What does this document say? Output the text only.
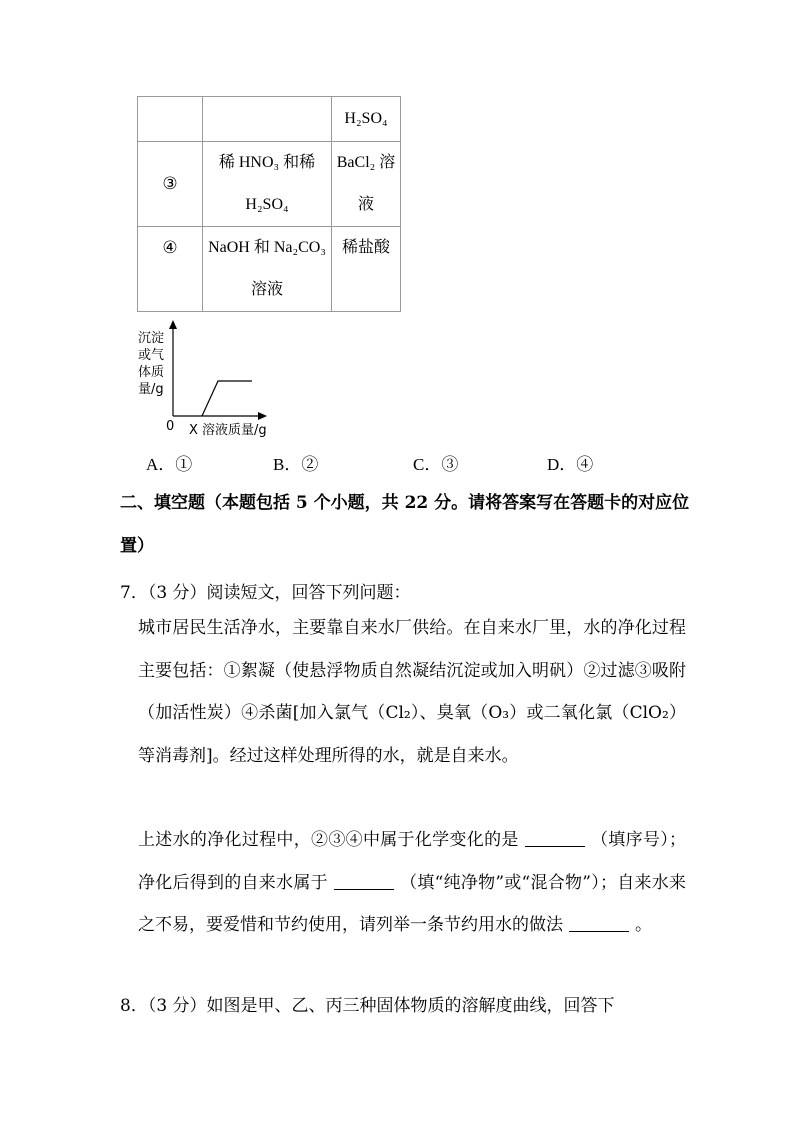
		H₂SO₄
③	稀 HNO₃ 和稀 H₂SO₄	BaCl₂ 溶液
④	NaOH 和 Na₂CO₃溶液	稀盐酸
沉淀
或气
体质
量/g
0 X 溶液质量/g
A．①	B．②	C．③	D．④
二、填空题（本题包括 5 个小题，共 22 分。请将答案写在答题卡的对应位置）
7．（3 分）阅读短文，回答下列问题：
城市居民生活净水，主要靠自来水厂供给。在自来水厂里，水的净化过程主要包括：①絮凝（使悬浮物质自然凝结沉淀或加入明矾）②过滤③吸附（加活性炭）④杀菌[加入氯气（Cl₂）、臭氧（O₃）或二氧化氯（ClO₂）等消毒剂]。经过这样处理所得的水，就是自来水。
上述水的净化过程中，②③④中属于化学变化的是	（填序号）；净化后得到的自来水属于	（填“纯净物”或“混合物”）；自来水来之不易，要爱惜和节约使用，请列举一条节约用水的做法	。
8．（3 分）如图是甲、乙、丙三种固体物质的溶解度曲线，回答下
